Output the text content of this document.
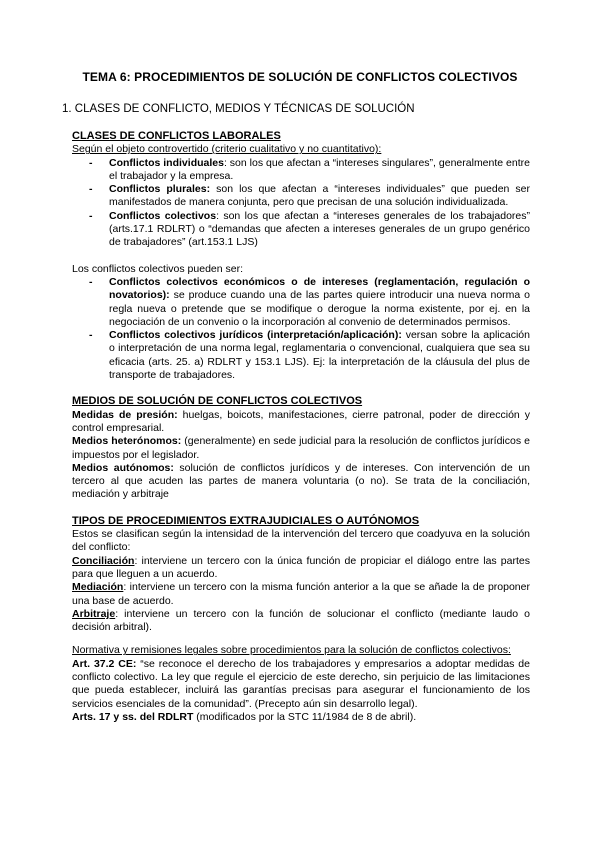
TEMA 6: PROCEDIMIENTOS DE SOLUCIÓN DE CONFLICTOS COLECTIVOS
1. CLASES DE CONFLICTO, MEDIOS Y TÉCNICAS DE SOLUCIÓN

CLASES DE CONFLICTOS LABORALES

Según el objeto controvertido (criterio cualitativo y no cuantitativo):

- Conflictos individuales: son los que afectan a “intereses singulares”, generalmente entre el trabajador y la empresa.
- Conflictos plurales: son los que afectan a “intereses individuales” que pueden ser manifestados de manera conjunta, pero que precisan de una solución individualizada.
- Conflictos colectivos: son los que afectan a “intereses generales de los trabajadores” (arts.17.1 RDLRT) o “demandas que afecten a intereses generales de un grupo genérico de trabajadores” (art.153.1 LJS)

Los conflictos colectivos pueden ser:

- Conflictos colectivos económicos o de intereses (reglamentación, regulación o novatorios): se produce cuando una de las partes quiere introducir una nueva norma o regla nueva o pretende que se modifique o derogue la norma existente, por ej. en la negociación de un convenio o la incorporación al convenio de determinados permisos.
- Conflictos colectivos jurídicos (interpretación/aplicación): versan sobre la aplicación o interpretación de una norma legal, reglamentaria o convencional, cualquiera que sea su eficacia (arts. 25. a) RDLRT y 153.1 LJS). Ej: la interpretación de la cláusula del plus de transporte de trabajadores.

MEDIOS DE SOLUCIÓN DE CONFLICTOS COLECTIVOS

Medidas de presión: huelgas, boicots, manifestaciones, cierre patronal, poder de dirección y control empresarial.

Medios heterónomos: (generalmente) en sede judicial para la resolución de conflictos jurídicos e impuestos por el legislador.

Medios autónomos: solución de conflictos jurídicos y de intereses. Con intervención de un tercero al que acuden las partes de manera voluntaria (o no). Se trata de la conciliación, mediación y arbitraje

TIPOS DE PROCEDIMIENTOS EXTRAJUDICIALES O AUTÓNOMOS

Estos se clasifican según la intensidad de la intervención del tercero que coadyuva en la solución del conflicto:

Conciliación: interviene un tercero con la única función de propiciar el diálogo entre las partes para que lleguen a un acuerdo.

Mediación: interviene un tercero con la misma función anterior a la que se añade la de proponer una base de acuerdo.

Arbitraje: interviene un tercero con la función de solucionar el conflicto (mediante laudo o decisión arbitral).

Normativa y remisiones legales sobre procedimientos para la solución de conflictos colectivos:

Art. 37.2 CE: “se reconoce el derecho de los trabajadores y empresarios a adoptar medidas de conflicto colectivo. La ley que regule el ejercicio de este derecho, sin perjuicio de las limitaciones que pueda establecer, incluirá las garantías precisas para asegurar el funcionamiento de los servicios esenciales de la comunidad”. (Precepto aún sin desarrollo legal).

Arts. 17 y ss. del RDLRT (modificados por la STC 11/1984 de 8 de abril).
